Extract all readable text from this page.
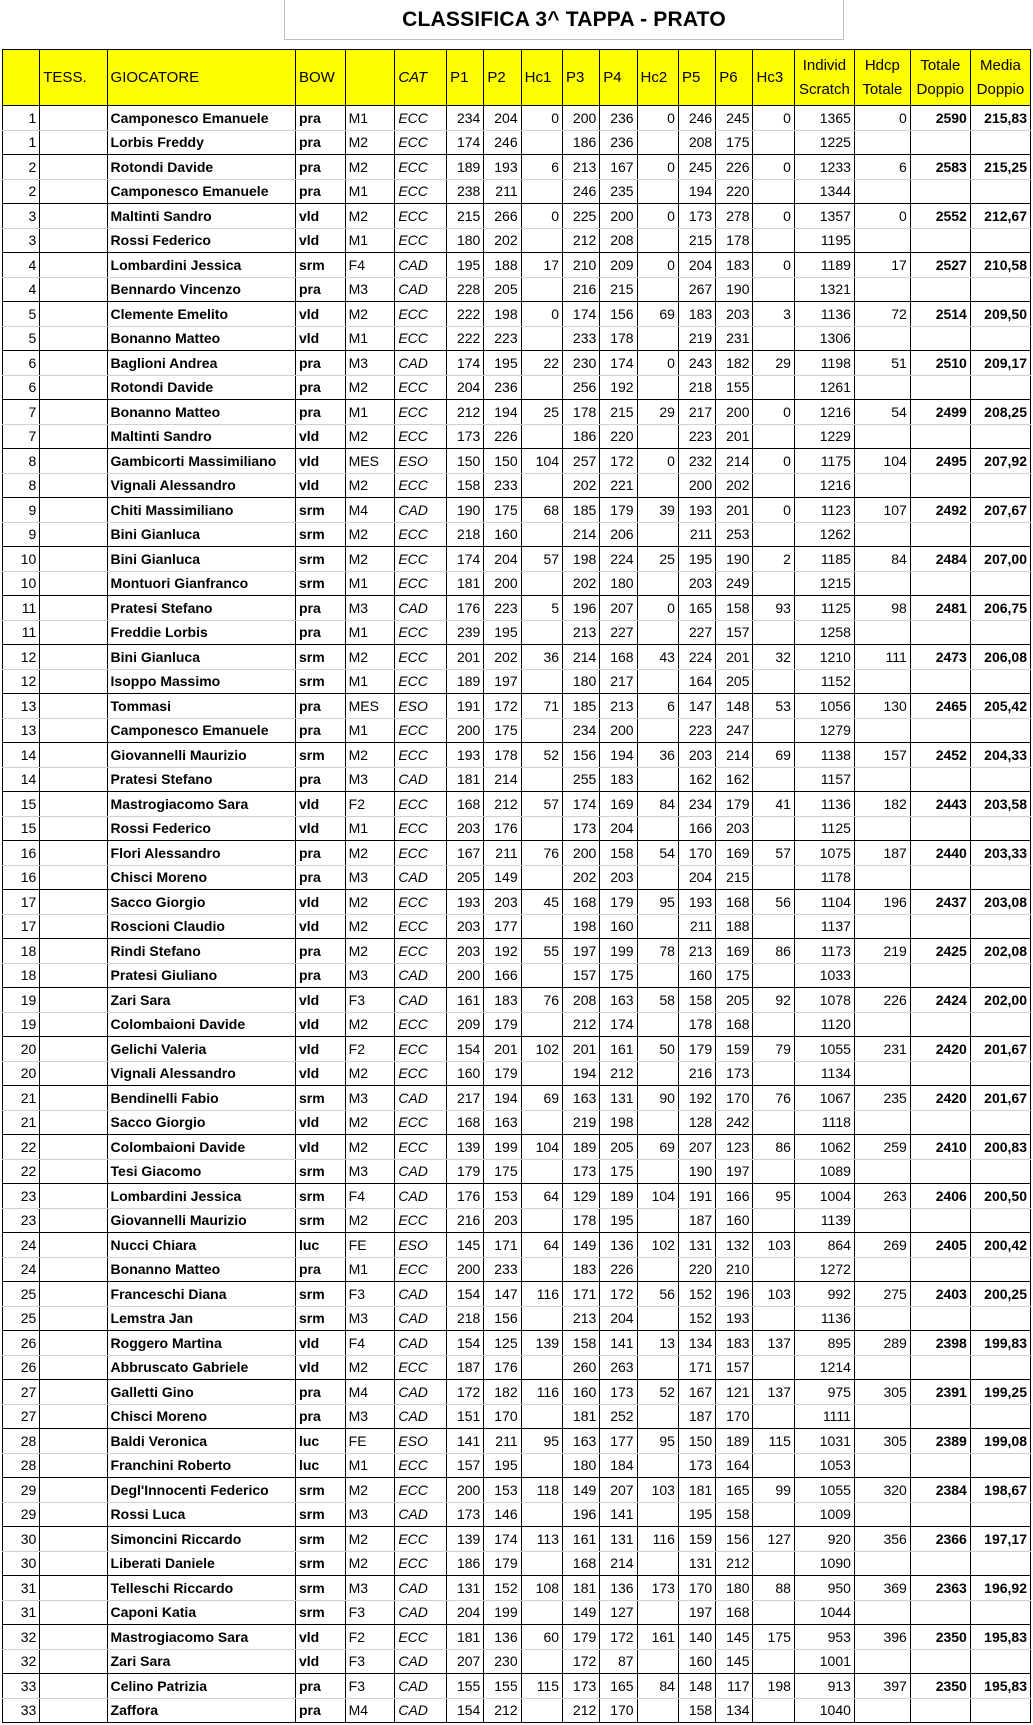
CLASSIFICA 3^ TAPPA - PRATO
	TESS.	GIOCATORE	BOW		CAT	P1	P2	Hc1	P3	P4	Hc2	P5	P6	Hc3	Individ Scratch	Hdcp Totale	Totale Doppio	Media Doppio
1		Camponesco Emanuele	pra	M1	ECC	234	204	0	200	236	0	246	245	0	1365	0	2590	215,83
1		Lorbis Freddy	pra	M2	ECC	174	246		186	236		208	175		1225			
2		Rotondi Davide	pra	M2	ECC	189	193	6	213	167	0	245	226	0	1233	6	2583	215,25
2		Camponesco Emanuele	pra	M1	ECC	238	211		246	235		194	220		1344			
3		Maltinti Sandro	vld	M2	ECC	215	266	0	225	200	0	173	278	0	1357	0	2552	212,67
3		Rossi Federico	vld	M1	ECC	180	202		212	208		215	178		1195			
4		Lombardini Jessica	srm	F4	CAD	195	188	17	210	209	0	204	183	0	1189	17	2527	210,58
4		Bennardo Vincenzo	pra	M3	CAD	228	205		216	215		267	190		1321			
5		Clemente Emelito	vld	M2	ECC	222	198	0	174	156	69	183	203	3	1136	72	2514	209,50
5		Bonanno Matteo	vld	M1	ECC	222	223		233	178		219	231		1306			
6		Baglioni Andrea	pra	M3	CAD	174	195	22	230	174	0	243	182	29	1198	51	2510	209,17
6		Rotondi Davide	pra	M2	ECC	204	236		256	192		218	155		1261			
7		Bonanno Matteo	pra	M1	ECC	212	194	25	178	215	29	217	200	0	1216	54	2499	208,25
7		Maltinti Sandro	vld	M2	ECC	173	226		186	220		223	201		1229			
8		Gambicorti Massimiliano	vld	MES	ESO	150	150	104	257	172	0	232	214	0	1175	104	2495	207,92
8		Vignali Alessandro	vld	M2	ECC	158	233		202	221		200	202		1216			
9		Chiti Massimiliano	srm	M4	CAD	190	175	68	185	179	39	193	201	0	1123	107	2492	207,67
9		Bini Gianluca	srm	M2	ECC	218	160		214	206		211	253		1262			
10		Bini Gianluca	srm	M2	ECC	174	204	57	198	224	25	195	190	2	1185	84	2484	207,00
10		Montuori Gianfranco	srm	M1	ECC	181	200		202	180		203	249		1215			
11		Pratesi Stefano	pra	M3	CAD	176	223	5	196	207	0	165	158	93	1125	98	2481	206,75
11		Freddie Lorbis	pra	M1	ECC	239	195		213	227		227	157		1258			
12		Bini Gianluca	srm	M2	ECC	201	202	36	214	168	43	224	201	32	1210	111	2473	206,08
12		Isoppo Massimo	srm	M1	ECC	189	197		180	217		164	205		1152			
13		Tommasi	pra	MES	ESO	191	172	71	185	213	6	147	148	53	1056	130	2465	205,42
13		Camponesco Emanuele	pra	M1	ECC	200	175		234	200		223	247		1279			
14		Giovannelli Maurizio	srm	M2	ECC	193	178	52	156	194	36	203	214	69	1138	157	2452	204,33
14		Pratesi Stefano	pra	M3	CAD	181	214		255	183		162	162		1157			
15		Mastrogiacomo Sara	vld	F2	ECC	168	212	57	174	169	84	234	179	41	1136	182	2443	203,58
15		Rossi Federico	vld	M1	ECC	203	176		173	204		166	203		1125			
16		Flori Alessandro	pra	M2	ECC	167	211	76	200	158	54	170	169	57	1075	187	2440	203,33
16		Chisci Moreno	pra	M3	CAD	205	149		202	203		204	215		1178			
17		Sacco Giorgio	vld	M2	ECC	193	203	45	168	179	95	193	168	56	1104	196	2437	203,08
17		Roscioni Claudio	vld	M2	ECC	203	177		198	160		211	188		1137			
18		Rindi Stefano	pra	M2	ECC	203	192	55	197	199	78	213	169	86	1173	219	2425	202,08
18		Pratesi Giuliano	pra	M3	CAD	200	166		157	175		160	175		1033			
19		Zari Sara	vld	F3	CAD	161	183	76	208	163	58	158	205	92	1078	226	2424	202,00
19		Colombaioni Davide	vld	M2	ECC	209	179		212	174		178	168		1120			
20		Gelichi Valeria	vld	F2	ECC	154	201	102	201	161	50	179	159	79	1055	231	2420	201,67
20		Vignali Alessandro	vld	M2	ECC	160	179		194	212		216	173		1134			
21		Bendinelli Fabio	srm	M3	CAD	217	194	69	163	131	90	192	170	76	1067	235	2420	201,67
21		Sacco Giorgio	vld	M2	ECC	168	163		219	198		128	242		1118			
22		Colombaioni Davide	vld	M2	ECC	139	199	104	189	205	69	207	123	86	1062	259	2410	200,83
22		Tesi Giacomo	srm	M3	CAD	179	175		173	175		190	197		1089			
23		Lombardini Jessica	srm	F4	CAD	176	153	64	129	189	104	191	166	95	1004	263	2406	200,50
23		Giovannelli Maurizio	srm	M2	ECC	216	203		178	195		187	160		1139			
24		Nucci Chiara	luc	FE	ESO	145	171	64	149	136	102	131	132	103	864	269	2405	200,42
24		Bonanno Matteo	pra	M1	ECC	200	233		183	226		220	210		1272			
25		Franceschi Diana	srm	F3	CAD	154	147	116	171	172	56	152	196	103	992	275	2403	200,25
25		Lemstra Jan	srm	M3	CAD	218	156		213	204		152	193		1136			
26		Roggero Martina	vld	F4	CAD	154	125	139	158	141	13	134	183	137	895	289	2398	199,83
26		Abbruscato Gabriele	vld	M2	ECC	187	176		260	263		171	157		1214			
27		Galletti Gino	pra	M4	CAD	172	182	116	160	173	52	167	121	137	975	305	2391	199,25
27		Chisci Moreno	pra	M3	CAD	151	170		181	252		187	170		1111			
28		Baldi Veronica	luc	FE	ESO	141	211	95	163	177	95	150	189	115	1031	305	2389	199,08
28		Franchini Roberto	luc	M1	ECC	157	195		180	184		173	164		1053			
29		Degl'Innocenti Federico	srm	M2	ECC	200	153	118	149	207	103	181	165	99	1055	320	2384	198,67
29		Rossi Luca	srm	M3	CAD	173	146		196	141		195	158		1009			
30		Simoncini Riccardo	srm	M2	ECC	139	174	113	161	131	116	159	156	127	920	356	2366	197,17
30		Liberati Daniele	srm	M2	ECC	186	179		168	214		131	212		1090			
31		Telleschi Riccardo	srm	M3	CAD	131	152	108	181	136	173	170	180	88	950	369	2363	196,92
31		Caponi Katia	srm	F3	CAD	204	199		149	127		197	168		1044			
32		Mastrogiacomo Sara	vld	F2	ECC	181	136	60	179	172	161	140	145	175	953	396	2350	195,83
32		Zari Sara	vld	F3	CAD	207	230		172	87		160	145		1001			
33		Celino Patrizia	pra	F3	CAD	155	155	115	173	165	84	148	117	198	913	397	2350	195,83
33		Zaffora	pra	M4	CAD	154	212		212	170		158	134		1040			
